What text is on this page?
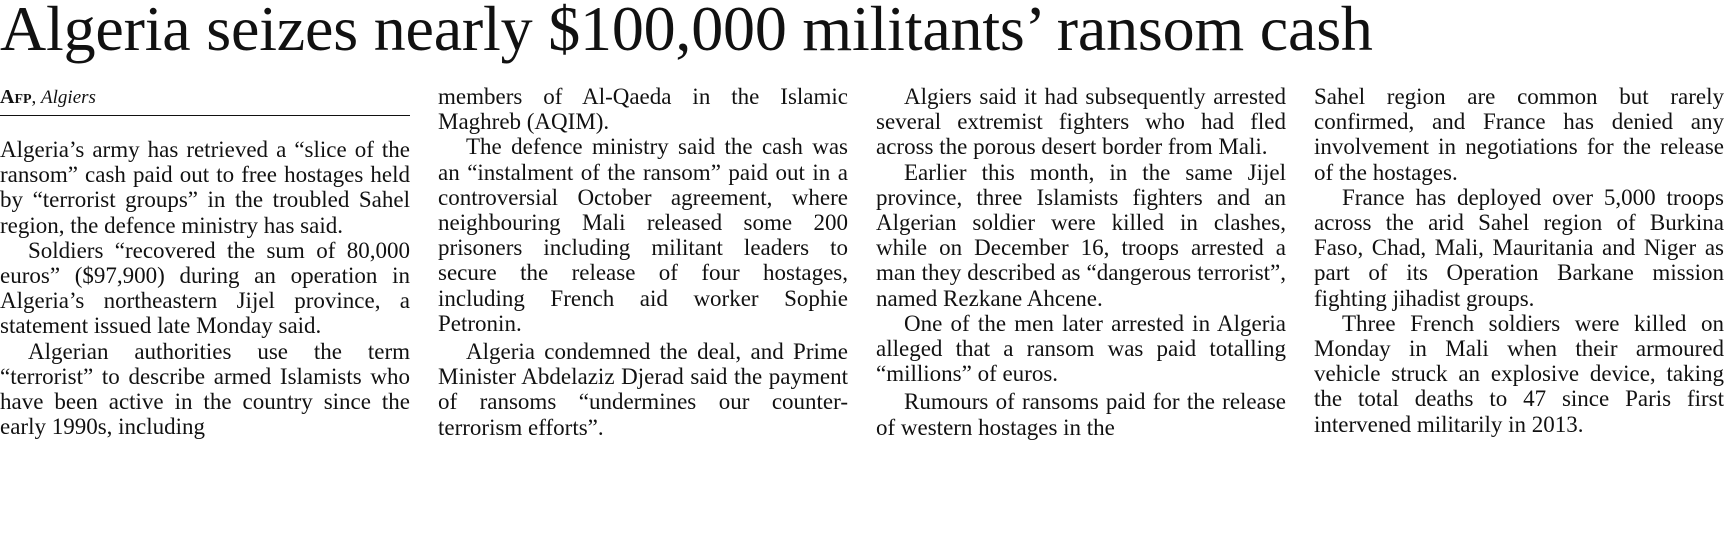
Algeria seizes nearly $100,000 militants’ ransom cash
Afp, Algiers

Algeria’s army has retrieved a “slice of the ransom” cash paid out to free hostages held by “terrorist groups” in the troubled Sahel region, the defence ministry has said.

Soldiers “recovered the sum of 80,000 euros” ($97,900) during an operation in Algeria’s northeastern Jijel province, a statement issued late Monday said.

Algerian authorities use the term “terrorist” to describe armed Islamists who have been active in the country since the early 1990s, including

members of Al-Qaeda in the Islamic Maghreb (AQIM).

The defence ministry said the cash was an “instalment of the ransom” paid out in a controversial October agreement, where neighbouring Mali released some 200 prisoners including militant leaders to secure the release of four hostages, including French aid worker Sophie Petronin.

Algeria condemned the deal, and Prime Minister Abdelaziz Djerad said the payment of ransoms “undermines our counter-terrorism efforts”.

Algiers said it had subsequently arrested several extremist fighters who had fled across the porous desert border from Mali.

Earlier this month, in the same Jijel province, three Islamists fighters and an Algerian soldier were killed in clashes, while on December 16, troops arrested a man they described as “dangerous terrorist”, named Rezkane Ahcene.

One of the men later arrested in Algeria alleged that a ransom was paid totalling “millions” of euros.

Rumours of ransoms paid for the release of western hostages in the

Sahel region are common but rarely confirmed, and France has denied any involvement in negotiations for the release of the hostages.

France has deployed over 5,000 troops across the arid Sahel region of Burkina Faso, Chad, Mali, Mauritania and Niger as part of its Operation Barkane mission fighting jihadist groups.

Three French soldiers were killed on Monday in Mali when their armoured vehicle struck an explosive device, taking the total deaths to 47 since Paris first intervened militarily in 2013.
